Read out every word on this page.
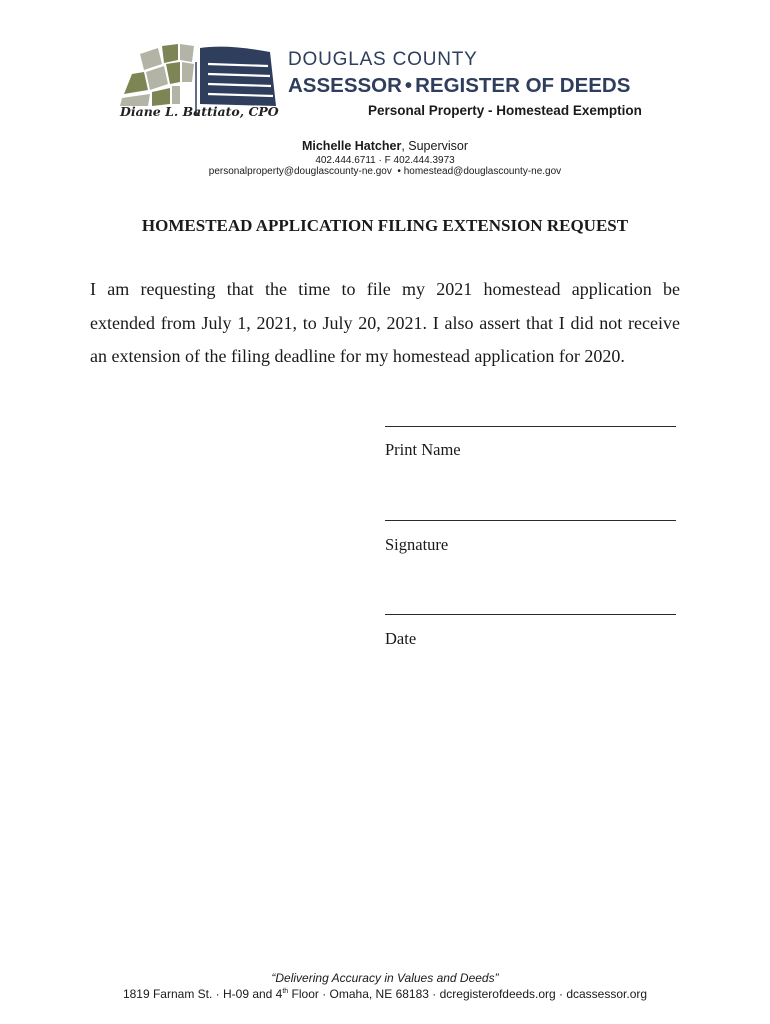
DOUGLAS COUNTY
ASSESSOR • REGISTER OF DEEDS
Diane L. Battiato, CPO	Personal Property - Homestead Exemption
Michelle Hatcher, Supervisor
402.444.6711 · F 402.444.3973
personalproperty@douglascounty-ne.gov • homestead@douglascounty-ne.gov
HOMESTEAD APPLICATION FILING EXTENSION REQUEST
I am requesting that the time to file my 2021 homestead application be
extended from July 1, 2021, to July 20, 2021. I also assert that I did not receive
an extension of the filing deadline for my homestead application for 2020.
Print Name
Signature
Date
“Delivering Accuracy in Values and Deeds”
1819 Farnam St. · H-09 and 4th Floor · Omaha, NE 68183 · dcregisterofdeeds.org · dcassessor.org
